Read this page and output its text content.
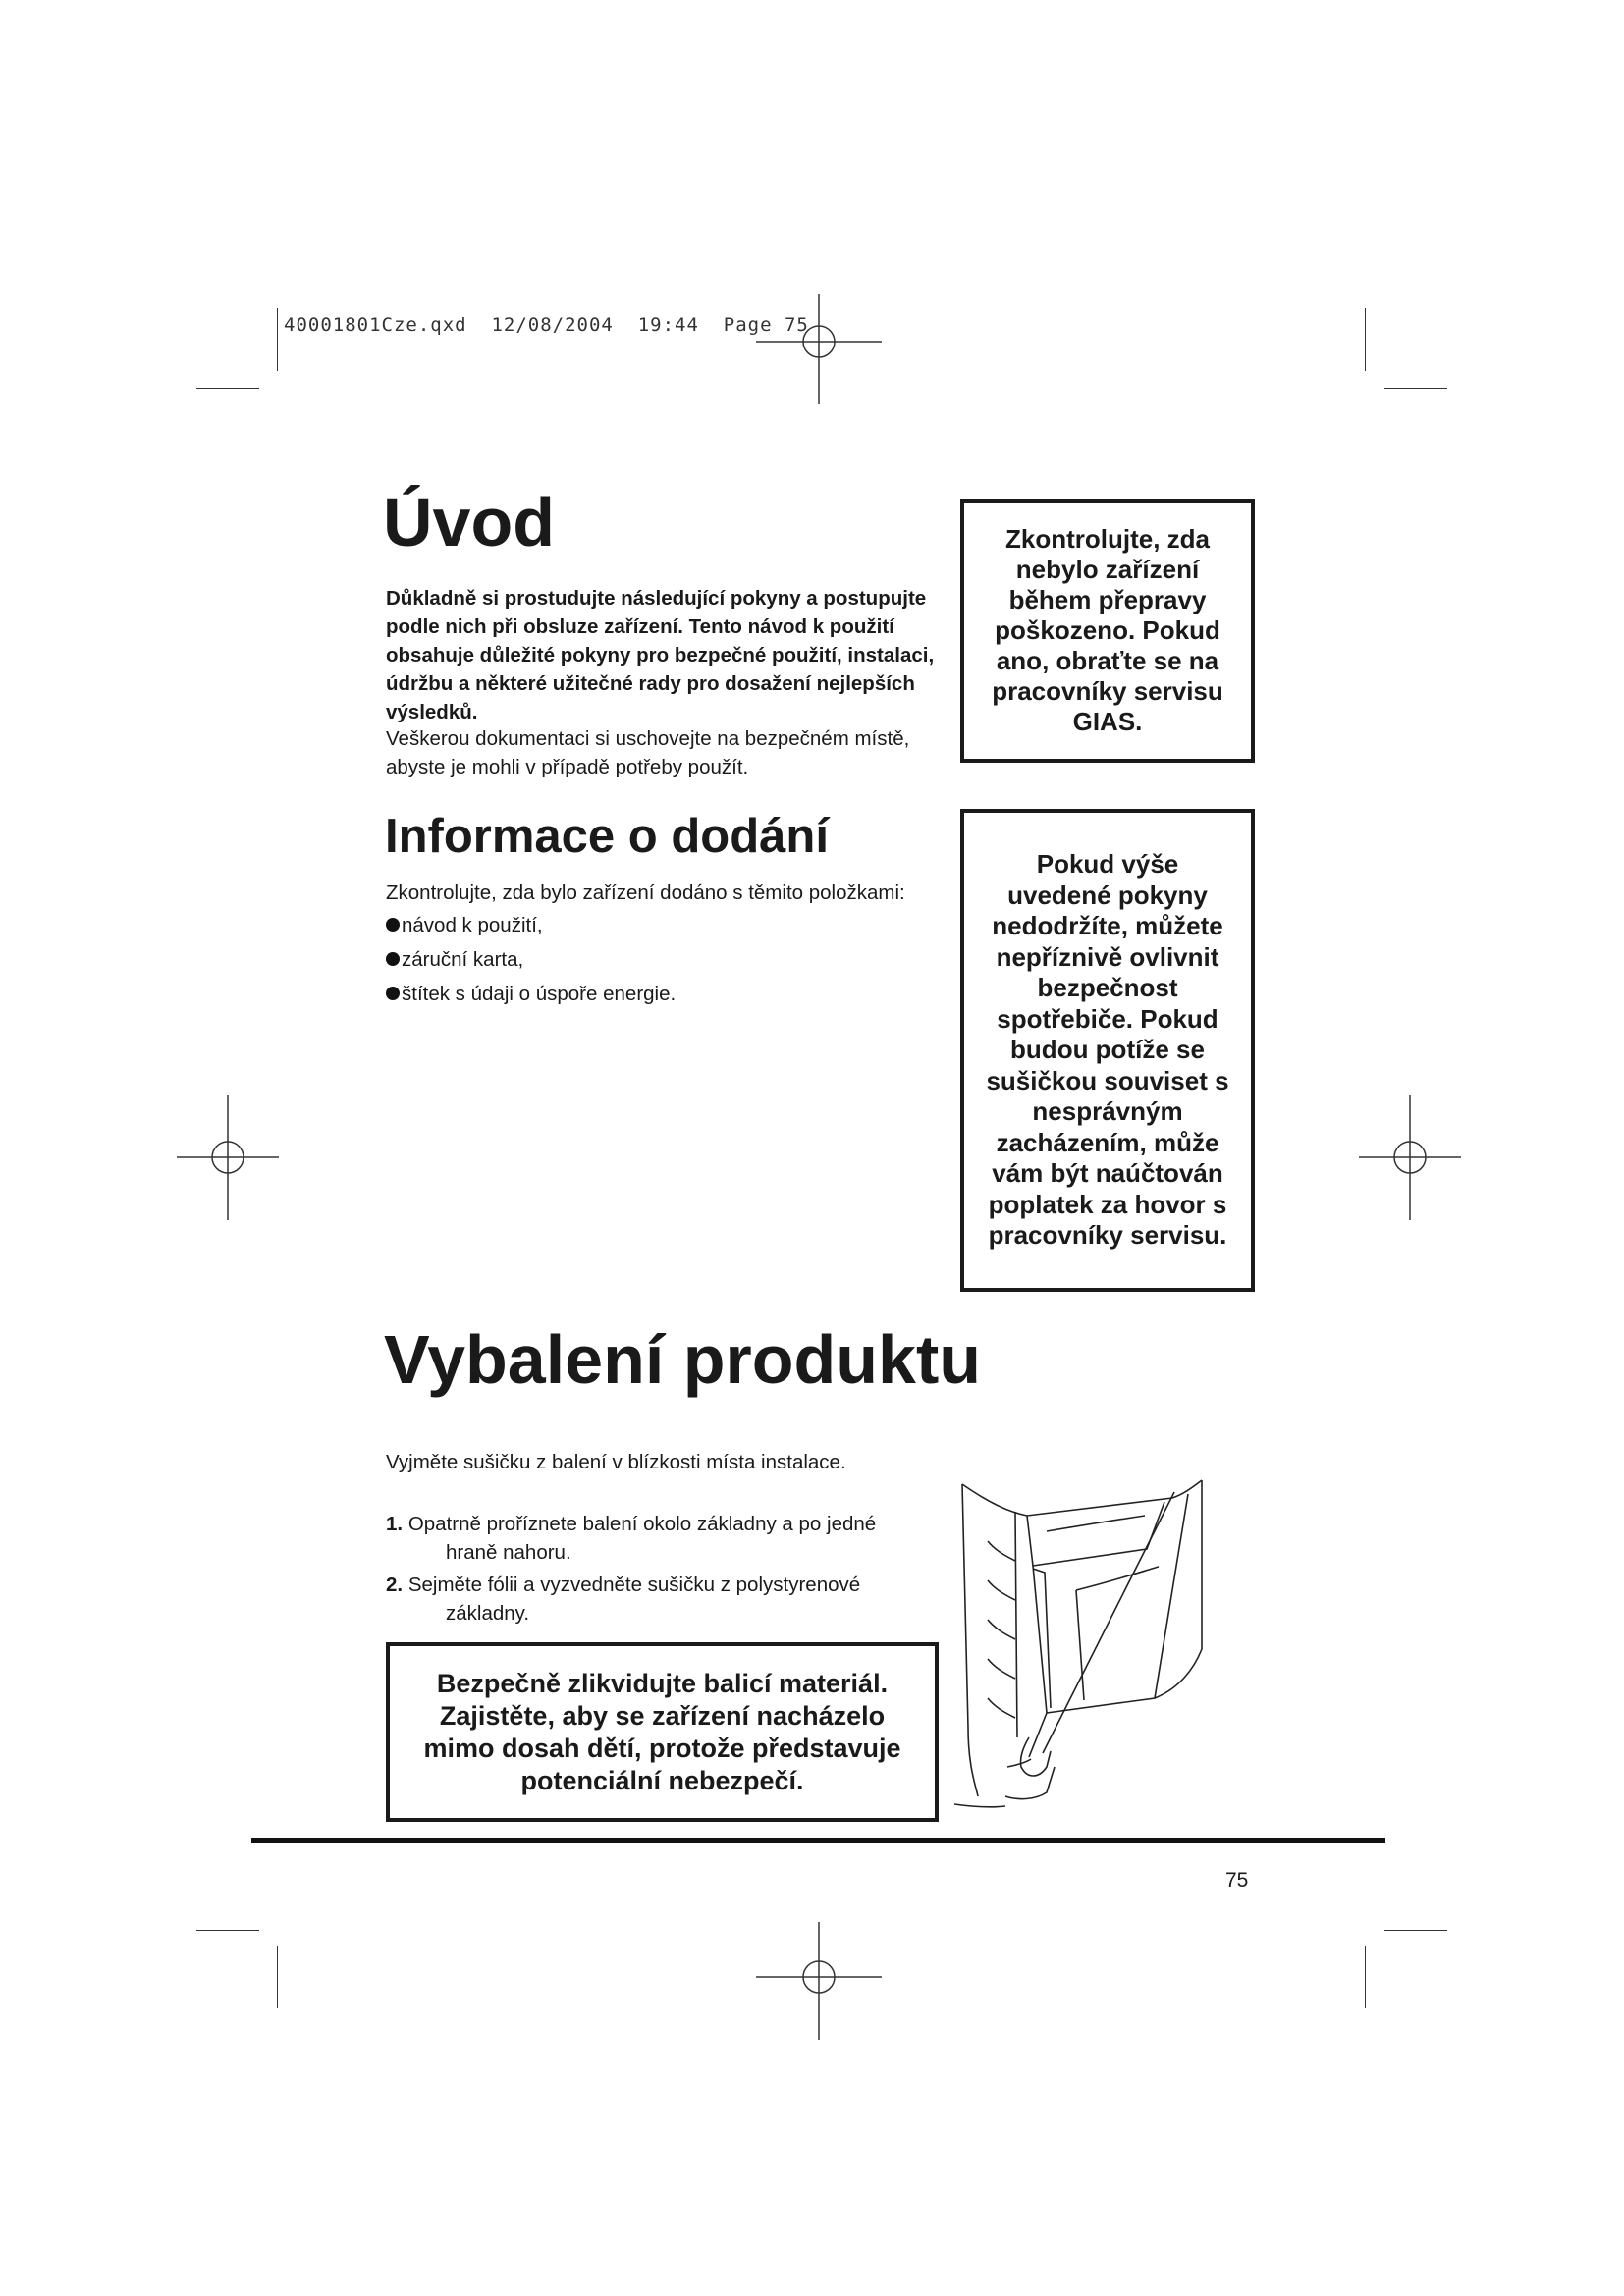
40001801Cze.qxd  12/08/2004  19:44  Page 75
Úvod
Důkladně si prostudujte následující pokyny a postupujte podle nich při obsluze zařízení. Tento návod k použití obsahuje důležité pokyny pro bezpečné použití, instalaci, údržbu a některé užitečné rady pro dosažení nejlepších výsledků.
Veškerou dokumentaci si uschovejte na bezpečném místě, abyste je mohli v případě potřeby použít.
Zkontrolujte, zda nebylo zařízení během přepravy poškozeno. Pokud ano, obraťte se na pracovníky servisu GIAS.
Informace o dodání
Zkontrolujte, zda bylo zařízení dodáno s těmito položkami:
návod k použití,
záruční karta,
štítek s údaji o úspoře energie.
Pokud výše uvedené pokyny nedodržíte, můžete nepříznivě ovlivnit bezpečnost spotřebiče. Pokud budou potíže se sušičkou souviset s nesprávným zacházením, může vám být naúčtován poplatek za hovor s pracovníky servisu.
Vybalení produktu
Vyjměte sušičku z balení v blízkosti místa instalace.
1. Opatrně proříznete balení okolo základny a po jedné
hraně nahoru.
2. Sejměte fólii a vyzvedněte sušičku z polystyrenové
základny.
Bezpečně zlikvidujte balicí materiál. Zajistěte, aby se zařízení nacházelo mimo dosah dětí, protože představuje potenciální nebezpečí.
75
